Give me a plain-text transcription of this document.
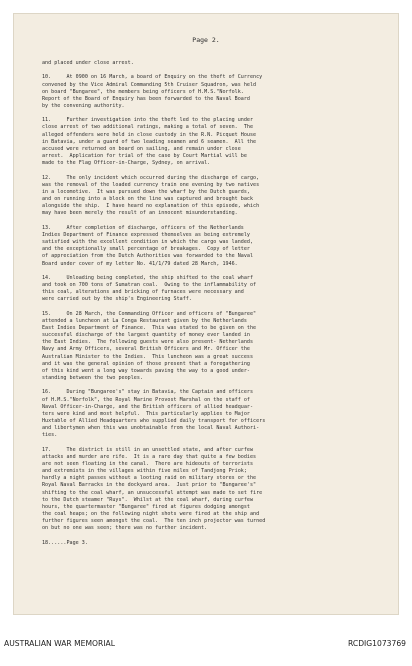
Page 2.

and placed under close arrest.

10.     At 0900 on 16 March, a board of Enquiry on the theft of Currency
convened by the Vice Admiral Commanding 5th Cruiser Squadron, was held
on board "Bungaree", the members being officers of H.M.S."Norfolk.
Report of the Board of Enquiry has been forwarded to the Naval Board
by the convening authority.

11.     Further investigation into the theft led to the placing under
close arrest of two additional ratings, making a total of seven.  The
alleged offenders were held in close custody in the R.N. Picquet House
in Batavia, under a guard of two leading seamen and 6 seamen.  All the
accused were returned on board on sailing, and remain under close
arrest.  Application for trial of the case by Court Martial will be
made to the Flag Officer-in-Charge, Sydney, on arrival.

12.     The only incident which occurred during the discharge of cargo,
was the removal of the loaded currency train one evening by two natives
in a locomotive.  It was pursued down the wharf by the Dutch guards,
and on running into a block on the line was captured and brought back
alongside the ship.  I have heard no explanation of this episode, which
may have been merely the result of an innocent misunderstanding.

13.     After completion of discharge, officers of the Netherlands
Indies Department of Finance expressed themselves as being extremely
satisfied with the excellent condition in which the cargo was landed,
and the exceptionally small percentage of breakages.  Copy of letter
of appreciation from the Dutch Authorities was forwarded to the Naval
Board under cover of my letter No. 41/1/79 dated 28 March, 1946.

14.     Unloading being completed, the ship shifted to the coal wharf
and took on 700 tons of Sumatran coal.  Owing to the inflammability of
this coal, alterations and bricking of furnaces were necessary and
were carried out by the ship's Engineering Staff.

15.     On 28 March, the Commanding Officer and officers of "Bungaree"
attended a luncheon at La Conga Restaurant given by the Netherlands
East Indies Department of Finance.  This was stated to be given on the
successful discharge of the largest quantity of money ever landed in
the East Indies.  The following guests were also present- Netherlands
Navy and Army Officers, several British Officers and Mr. Officer the
Australian Minister to the Indies.  This luncheon was a great success
and it was the general opinion of those present that a foregathering
of this kind went a long way towards paving the way to a good under-
standing between the two peoples.

16.     During "Bungaree's" stay in Batavia, the Captain and officers
of H.M.S."Norfolk", the Royal Marine Provost Marshal on the staff of
Naval Officer-in-Charge, and the British officers of allied headquar-
ters were kind and most helpful.  This particularly applies to Major
Huxtable of Allied Headquarters who supplied daily transport for officers
and libertymen when this was unobtainable from the local Naval Authori-
ties.

17.     The district is still in an unsettled state, and after curfew
attacks and murder are rife.  It is a rare day that quite a few bodies
are not seen floating in the canal.  There are hideouts of terrorists
and extremists in the villages within five miles of Tandjong Priok;
hardly a night passes without a looting raid on military stores or the
Royal Naval Barracks in the dockyard area.  Just prior to "Bungaree's"
shifting to the coal wharf, an unsuccessful attempt was made to set fire
to the Dutch steamer "Ruys".  Whilst at the coal wharf, during curfew
hours, the quartermaster "Bungaree" fired at figures dodging amongst
the coal heaps; on the following night shots were fired at the ship and
further figures seen amongst the coal.  The ten inch projector was turned
on but no one was seen; there was no further incident.

18......Page 3.

AUSTRALIAN WAR MEMORIAL	RCDIG1073769
